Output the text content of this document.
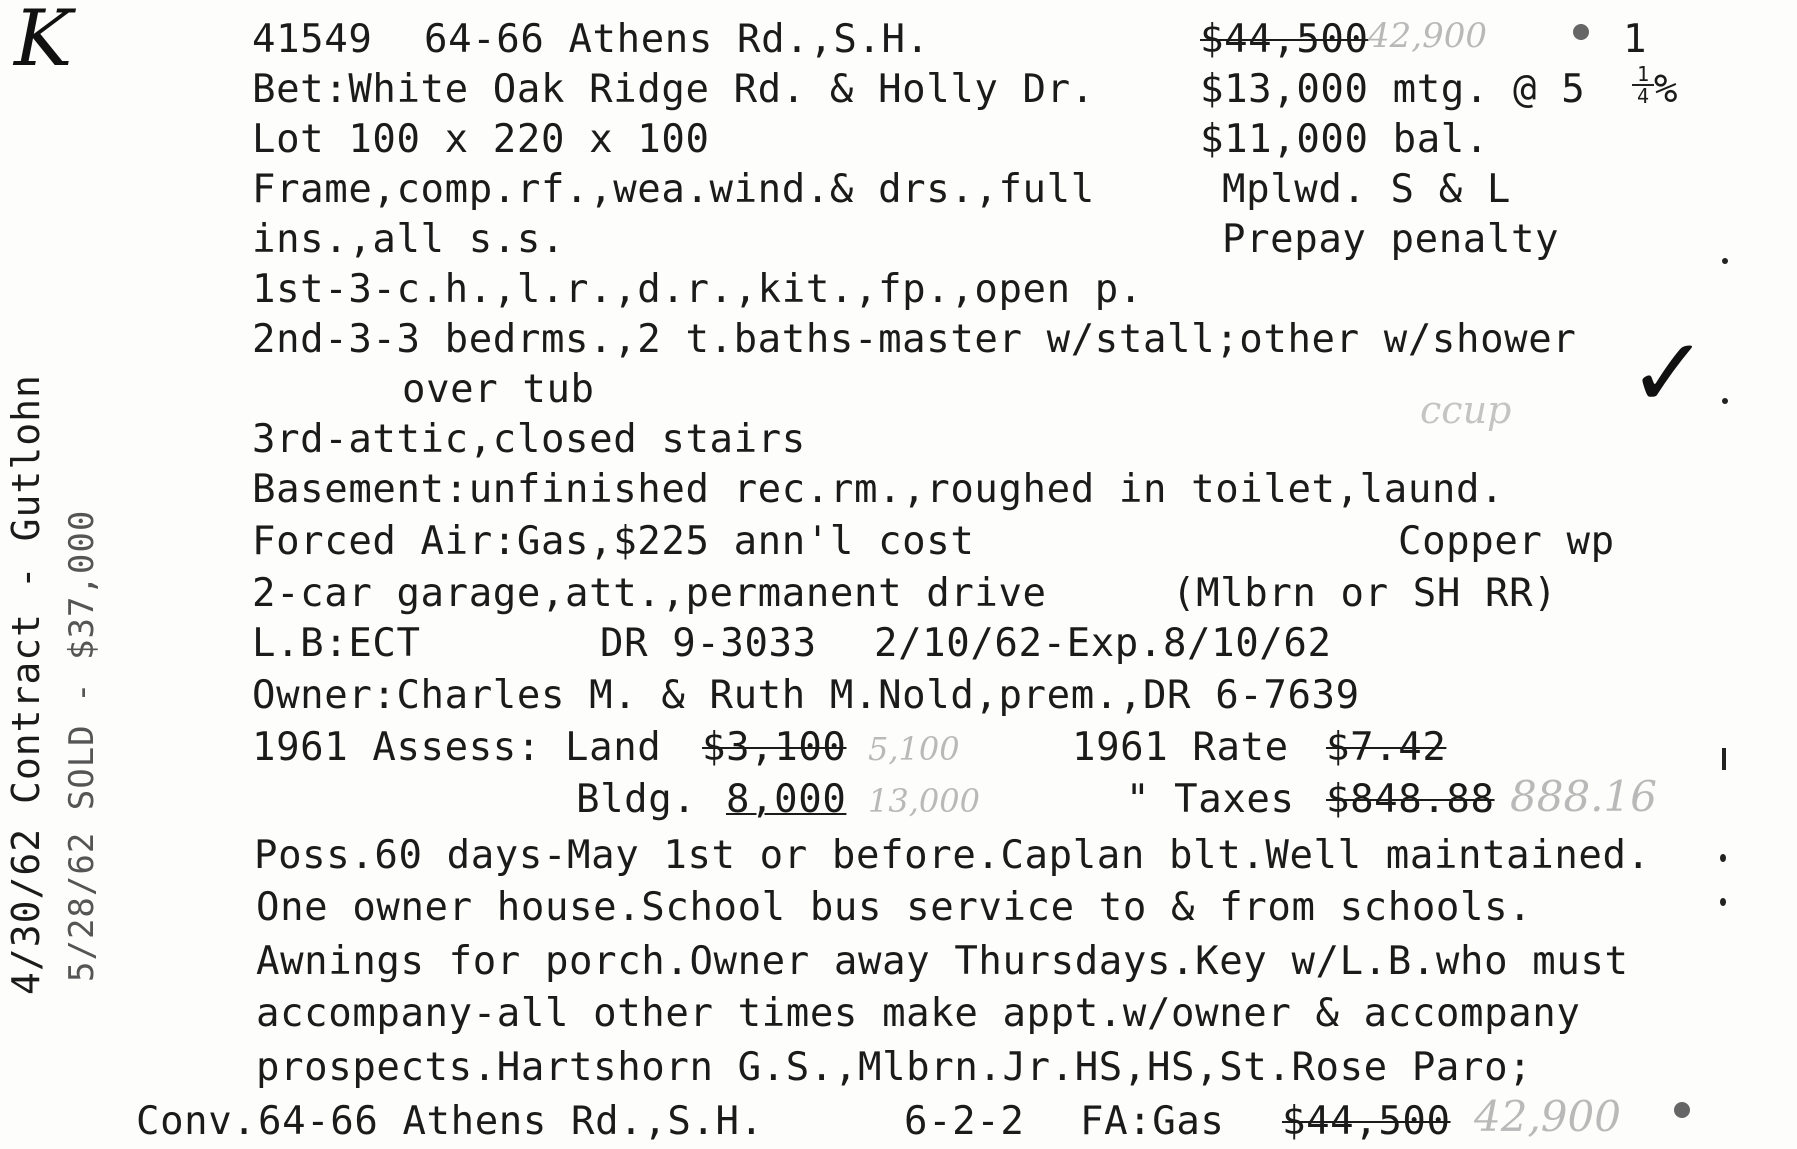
K
4/30/62 Contract - Gutlohn 5/28/62 SOLD - $37,000
41549 64-66 Athens Rd.,S.H.	$44,500 42,900	1
Bet:White Oak Ridge Rd. & Holly Dr.	$13,000 mtg. @ $5 \frac{1}{4}$ %
Lot 100 x 220 x 100	$11,000 bal.
Frame,comp.rf.,wea.wind.& drs.,full	Mplwd. S & L
ins.,all s.s.	Prepay penalty
1st-3-c.h.,l.r.,d.r.,kit.,fp.,open p.
2nd-3-3 bedrms.,2 t.baths-master w/stall;other w/shower
over tub	ccup ✓
3rd-attic,closed stairs
Basement:unfinished rec.rm.,roughed in toilet,laund.
Forced Air:Gas,$225 ann'l cost	Copper wp
2-car garage,att.,permanent drive	(Mlbrn or SH RR)
L.B:ECT	DR 9-3033 2/10/62-Exp.8/10/62
Owner:Charles M. & Ruth M.Nold,prem.,DR 6-7639
1961 Assess: Land $3,100 5,100	1961 Rate $7.42
Bldg. 8,000 13,000	" Taxes $848.88 888.16
Poss.60 days-May 1st or before.Caplan blt.Well maintained.
One owner house.School bus service to & from schools.
Awnings for porch.Owner away Thursdays.Key w/L.B.who must
accompany-all other times make appt.w/owner & accompany
prospects.Hartshorn G.S.,Mlbrn.Jr.HS,HS,St.Rose Paro;
Conv. 64-66 Athens Rd.,S.H.	6-2-2 FA:Gas $44,500 42,900
